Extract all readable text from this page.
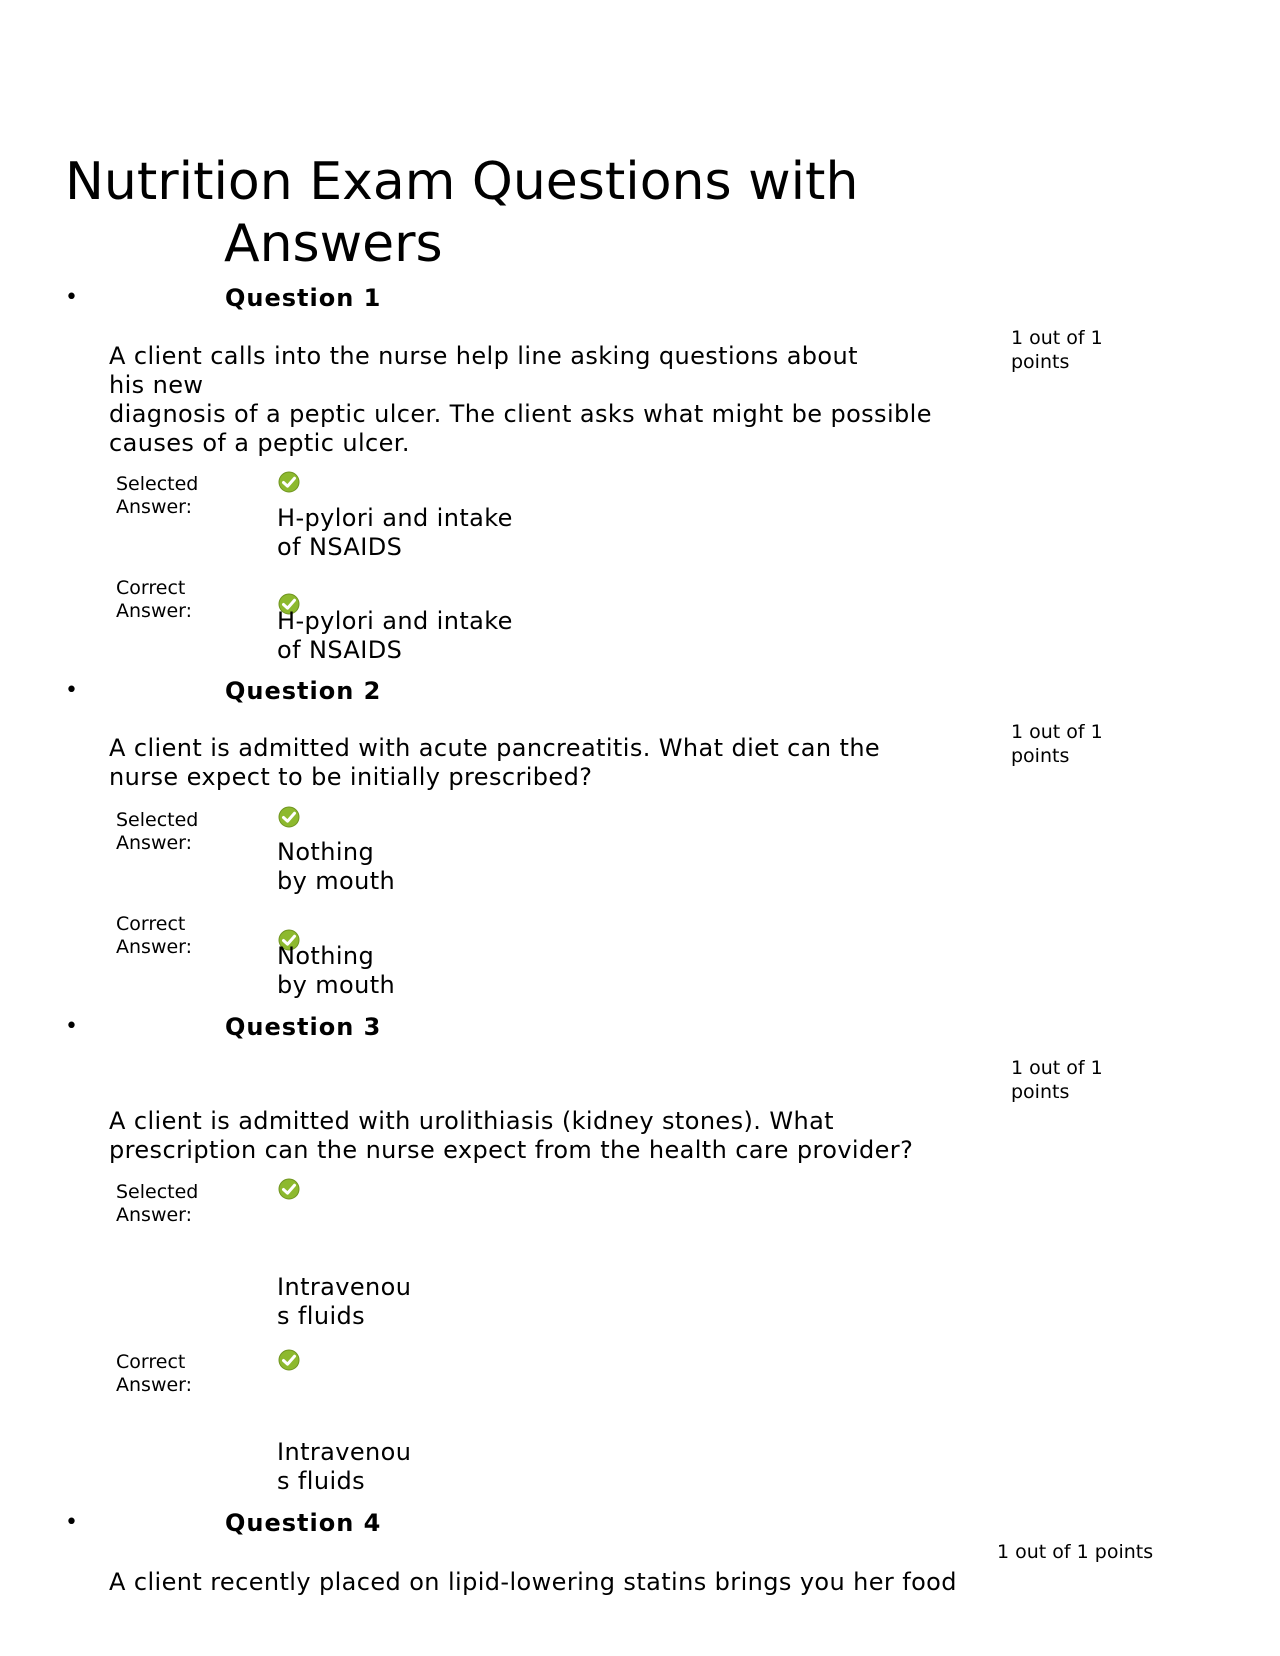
Nutrition Exam Questions with
Answers
•	Question 1
1 out of 1
points
A client calls into the nurse help line asking questions about
his new
diagnosis of a peptic ulcer. The client asks what might be possible
causes of a peptic ulcer.
Selected
Answer:	H-pylori and intake
of NSAIDS
Correct
Answer:	H-pylori and intake
of NSAIDS
•	Question 2
1 out of 1
points
A client is admitted with acute pancreatitis. What diet can the
nurse expect to be initially prescribed?
Selected
Answer:	Nothing
by mouth
Correct
Answer:	Nothing
by mouth
•	Question 3
1 out of 1
points
A client is admitted with urolithiasis (kidney stones). What
prescription can the nurse expect from the health care provider?
Selected
Answer:
Intravenou
s fluids
Correct
Answer:
Intravenou
s fluids
•	Question 4
1 out of 1 points
A client recently placed on lipid-lowering statins brings you her food
